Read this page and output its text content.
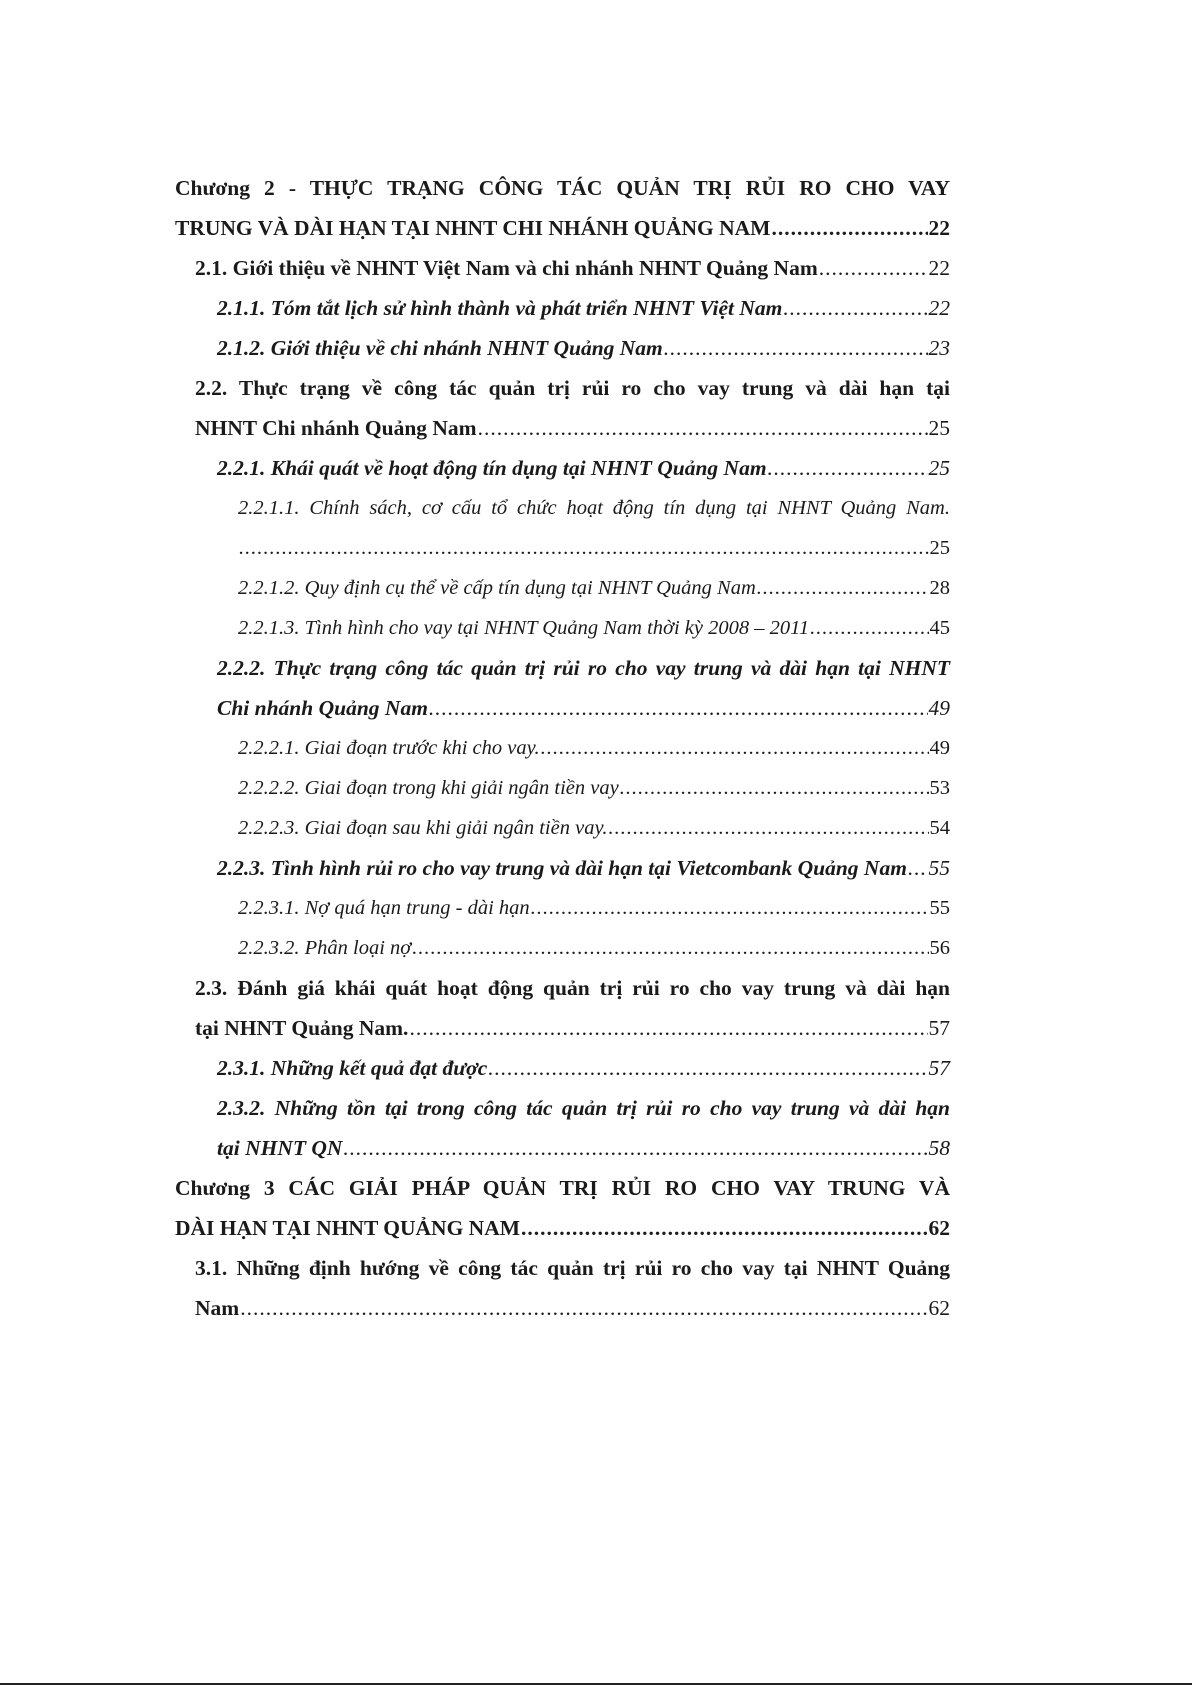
Chương 2 - THỰC TRẠNG CÔNG TÁC QUẢN TRỊ RỦI RO CHO VAY
TRUNG VÀ DÀI HẠN TẠI NHNT CHI NHÁNH QUẢNG NAM .....	22
2.1. Giới thiệu về NHNT Việt Nam và chi nhánh NHNT Quảng Nam .....	22
2.1.1. Tóm tắt lịch sử hình thành và phát triển NHNT Việt Nam .....	22
2.1.2. Giới thiệu về chi nhánh NHNT Quảng Nam .....	23
2.2. Thực trạng về công tác quản trị rủi ro cho vay trung và dài hạn tại
NHNT Chi nhánh Quảng Nam .....	25
2.2.1. Khái quát về hoạt động tín dụng tại NHNT Quảng Nam .....	25
2.2.1.1. Chính sách, cơ cấu tổ chức hoạt động tín dụng tại NHNT Quảng Nam.
.....
25
2.2.1.2. Quy định cụ thể về cấp tín dụng tại NHNT Quảng Nam .....	28
2.2.1.3. Tình hình cho vay tại NHNT Quảng Nam thời kỳ 2008 – 2011 .....	45
2.2.2. Thực trạng công tác quản trị rủi ro cho vay trung và dài hạn tại NHNT
Chi nhánh Quảng Nam .....	49
2.2.2.1. Giai đoạn trước khi cho vay. .....	49
2.2.2.2. Giai đoạn trong khi giải ngân tiền vay .....	53
2.2.2.3. Giai đoạn sau khi giải ngân tiền vay. .....	54
2.2.3. Tình hình rủi ro cho vay trung và dài hạn tại Vietcombank Quảng Nam ..... 55
2.2.3.1. Nợ quá hạn trung - dài hạn .....	55
2.2.3.2. Phân loại nợ .....	56
2.3. Đánh giá khái quát hoạt động quản trị rủi ro cho vay trung và dài hạn
tại NHNT Quảng Nam. .....	57
2.3.1. Những kết quả đạt được .....	57
2.3.2. Những tồn tại trong công tác quản trị rủi ro cho vay trung và dài hạn
tại NHNT QN .....	58
Chương 3 CÁC GIẢI PHÁP QUẢN TRỊ RỦI RO CHO VAY TRUNG VÀ
DÀI HẠN TẠI NHNT QUẢNG NAM .....	62
3.1. Những định hướng về công tác quản trị rủi ro cho vay tại NHNT Quảng
Nam .....	62
